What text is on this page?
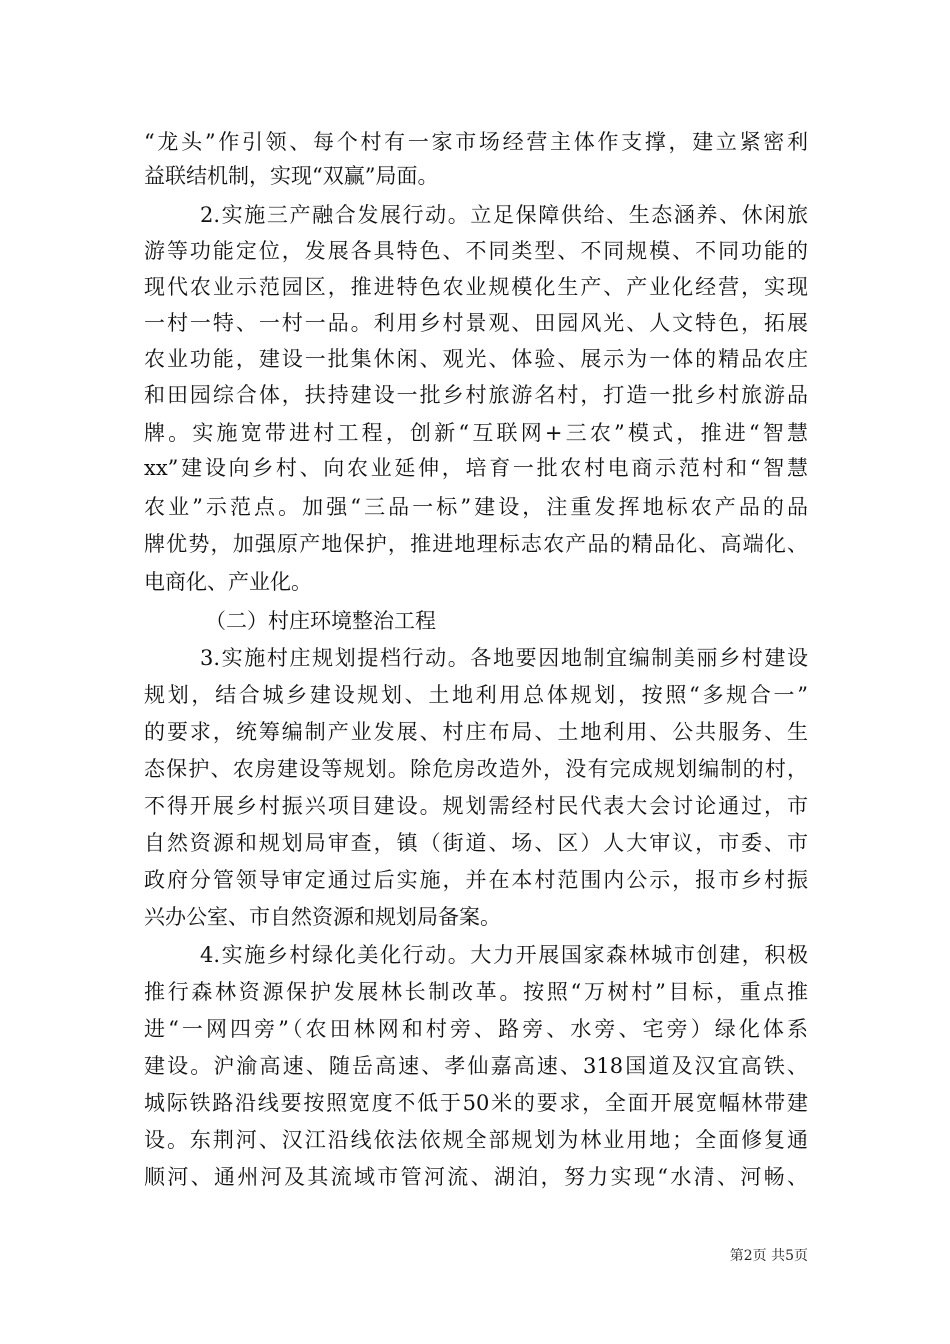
“龙头”作引领、每个村有一家市场经营主体作支撑，建立紧密利
益联结机制，实现“双赢”局面。
2.实施三产融合发展行动。立足保障供给、生态涵养、休闲旅
游等功能定位，发展各具特色、不同类型、不同规模、不同功能的
现代农业示范园区，推进特色农业规模化生产、产业化经营，实现
一村一特、一村一品。利用乡村景观、田园风光、人文特色，拓展
农业功能，建设一批集休闲、观光、体验、展示为一体的精品农庄
和田园综合体，扶持建设一批乡村旅游名村，打造一批乡村旅游品
牌。实施宽带进村工程，创新“互联网+三农”模式，推进“智慧
xx”建设向乡村、向农业延伸，培育一批农村电商示范村和“智慧
农业”示范点。加强“三品一标”建设，注重发挥地标农产品的品
牌优势，加强原产地保护，推进地理标志农产品的精品化、高端化、
电商化、产业化。
（二）村庄环境整治工程
3.实施村庄规划提档行动。各地要因地制宜编制美丽乡村建设
规划，结合城乡建设规划、土地利用总体规划，按照“多规合一”
的要求，统筹编制产业发展、村庄布局、土地利用、公共服务、生
态保护、农房建设等规划。除危房改造外，没有完成规划编制的村，
不得开展乡村振兴项目建设。规划需经村民代表大会讨论通过，市
自然资源和规划局审查，镇（街道、场、区）人大审议，市委、市
政府分管领导审定通过后实施，并在本村范围内公示，报市乡村振
兴办公室、市自然资源和规划局备案。
4.实施乡村绿化美化行动。大力开展国家森林城市创建，积极
推行森林资源保护发展林长制改革。按照“万树村”目标，重点推
进“一网四旁”（农田林网和村旁、路旁、水旁、宅旁）绿化体系
建设。沪渝高速、随岳高速、孝仙嘉高速、318国道及汉宜高铁、
城际铁路沿线要按照宽度不低于50米的要求，全面开展宽幅林带建
设。东荆河、汉江沿线依法依规全部规划为林业用地；全面修复通
顺河、通州河及其流域市管河流、湖泊，努力实现“水清、河畅、
第2页 共5页
